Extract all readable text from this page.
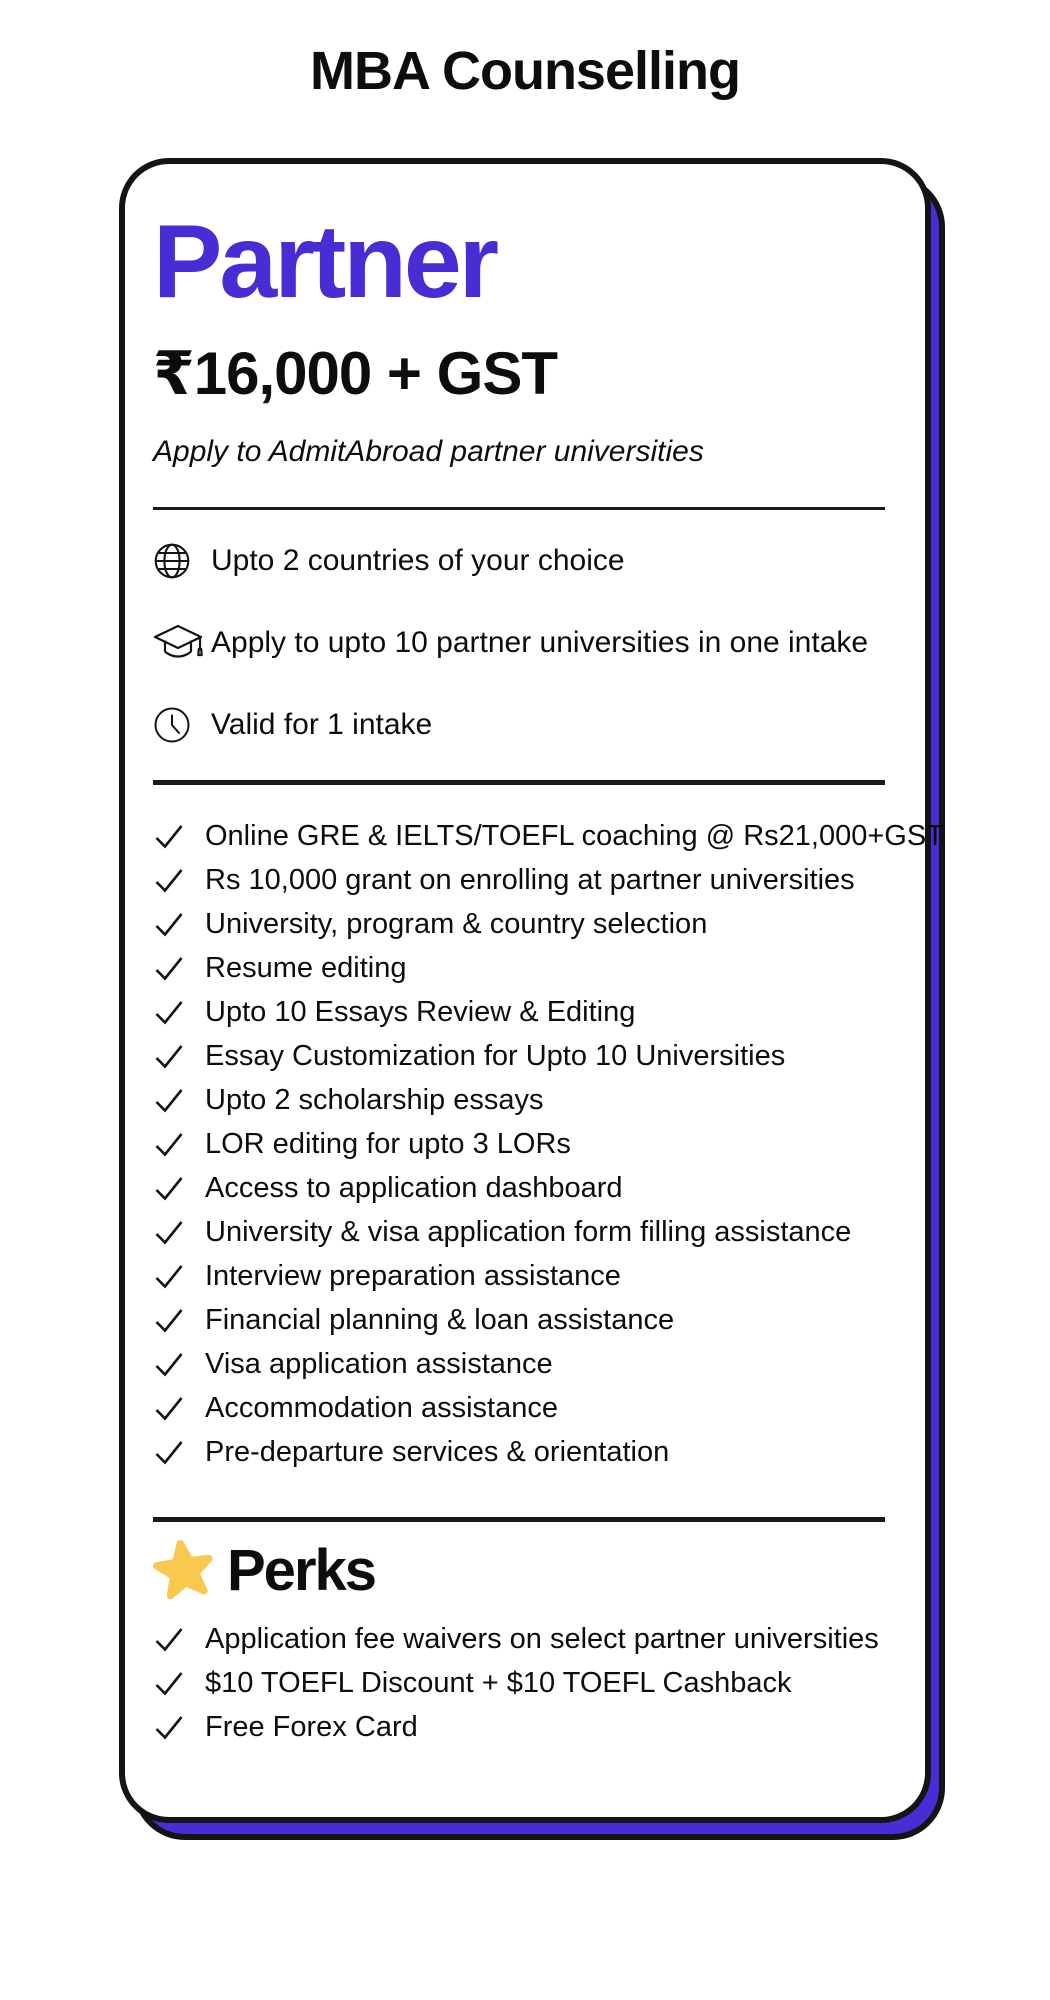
MBA Counselling
Partner
₹16,000 + GST
Apply to AdmitAbroad partner universities
Upto 2 countries of your choice
Apply to upto 10 partner universities in one intake
Valid for 1 intake
Online GRE & IELTS/TOEFL coaching @ Rs21,000+GST
Rs 10,000 grant on enrolling at partner universities
University, program & country selection
Resume editing
Upto 10 Essays Review & Editing
Essay Customization for Upto 10 Universities
Upto 2 scholarship essays
LOR editing for upto 3 LORs
Access to application dashboard
University & visa application form filling assistance
Interview preparation assistance
Financial planning & loan assistance
Visa application assistance
Accommodation assistance
Pre-departure services & orientation
Perks
Application fee waivers on select partner universities
$10 TOEFL Discount + $10 TOEFL Cashback
Free Forex Card
